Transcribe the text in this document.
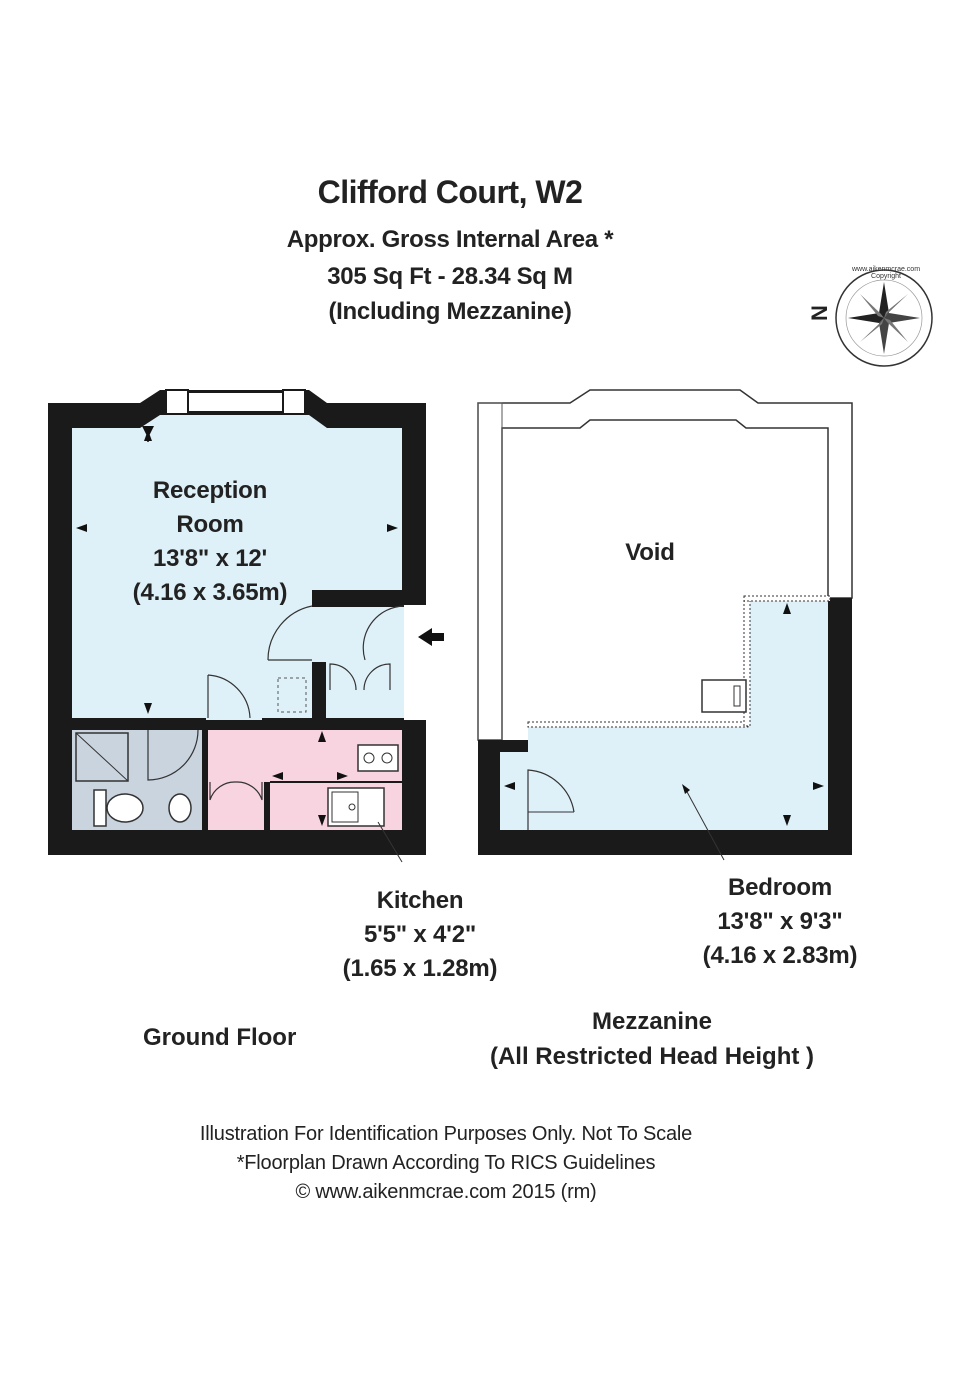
Clifford Court, W2
Approx. Gross Internal Area *
305 Sq Ft - 28.34 Sq M
(Including Mezzanine)	N
www.aikenmcrae.com Copyright
Reception
Room
13'8" x 12'
(4.16 x 3.65m)
Kitchen
5'5" x 4'2"
(1.65 x 1.28m)
Void
Bedroom
13'8" x 9'3"
(4.16 x 2.83m)
Ground Floor
Mezzanine
(All Restricted Head Height )
Illustration For Identification Purposes Only. Not To Scale
*Floorplan Drawn According To RICS Guidelines
© www.aikenmcrae.com 2015 (rm)
